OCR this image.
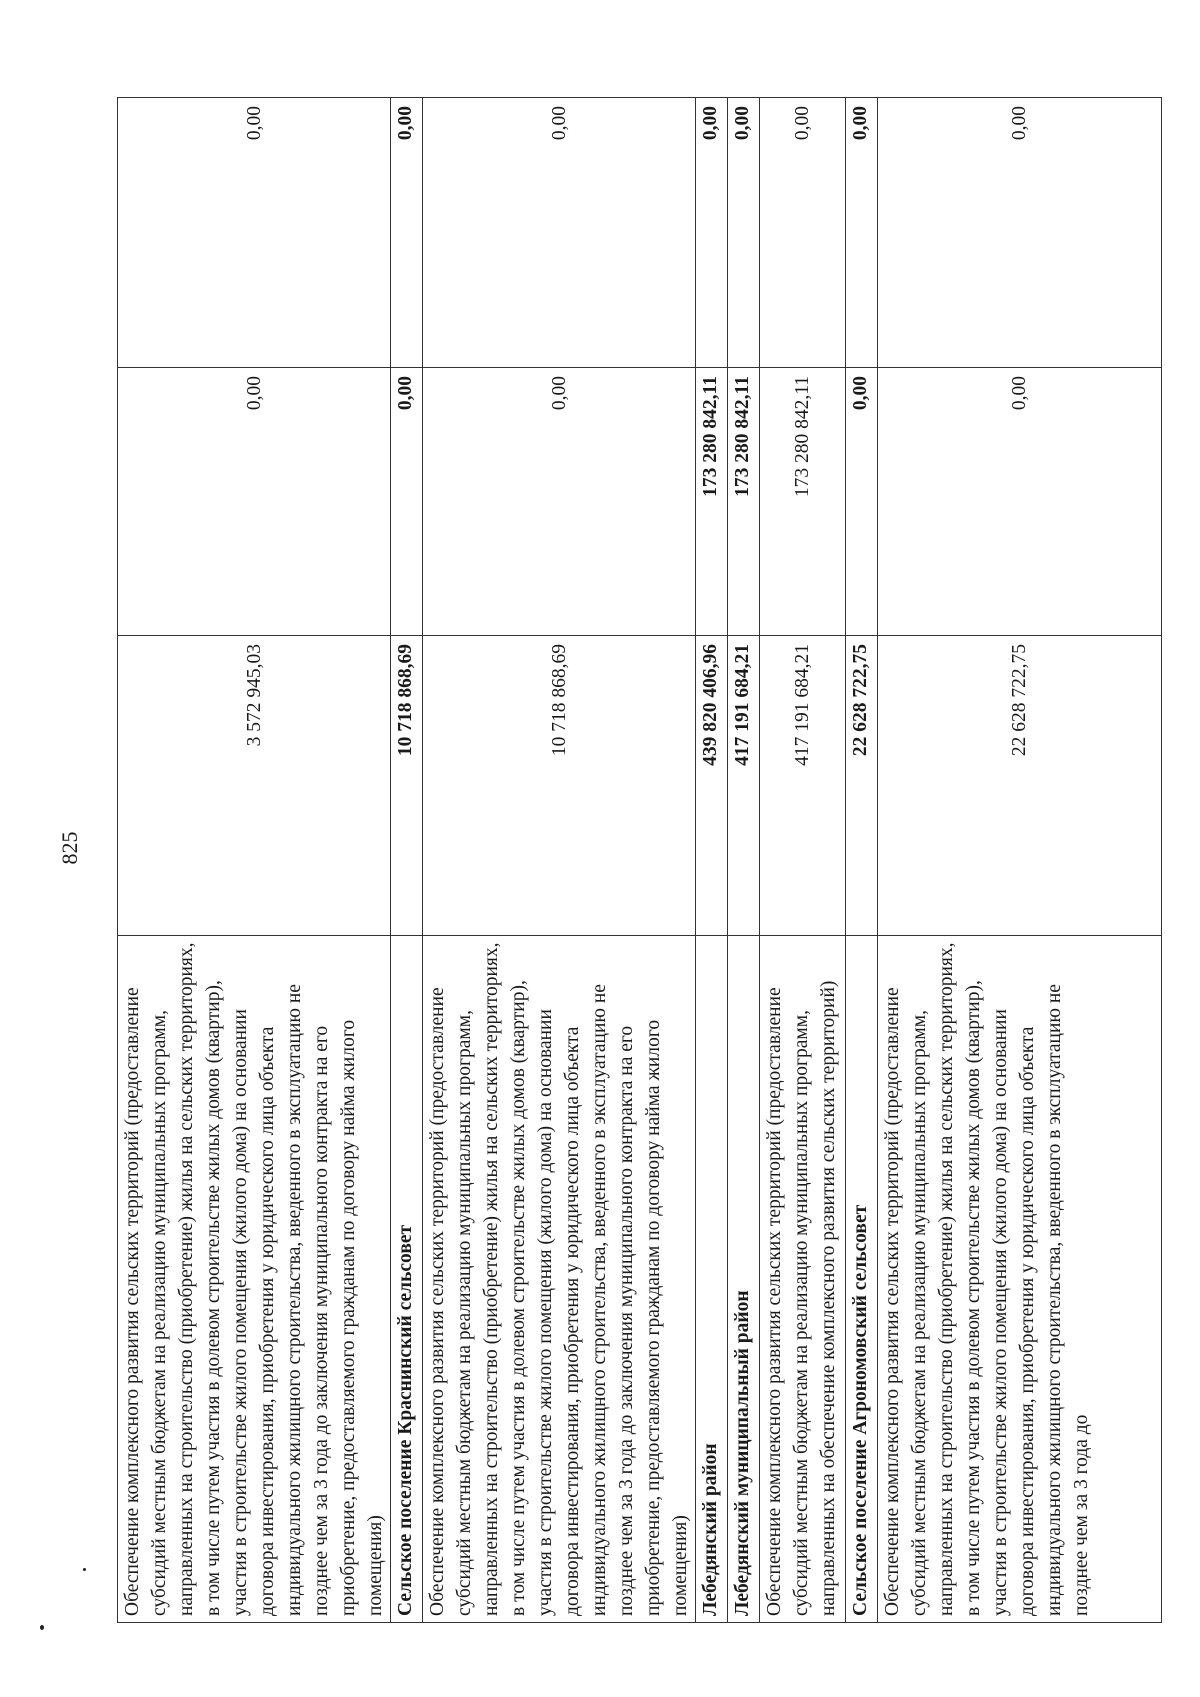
825
Обеспечение комплексного развития сельских территорий (предоставление субсидий местным бюджетам на реализацию муниципальных программ, направленных на строительство (приобретение) жилья на сельских территориях, в том числе путем участия в долевом строительстве жилых домов (квартир), участия в строительстве жилого помещения (жилого дома) на основании договора инвестирования, приобретения у юридического лица объекта индивидуального жилищного строительства, введенного в эксплуатацию не позднее чем за 3 года до заключения муниципального контракта на его приобретение, предоставляемого гражданам по договору найма жилого помещения)	3 572 945,03	0,00	0,00
Сельское поселение Краснинский сельсовет	10 718 868,69	0,00	0,00
Обеспечение комплексного развития сельских территорий (предоставление субсидий местным бюджетам на реализацию муниципальных программ, направленных на строительство (приобретение) жилья на сельских территориях, в том числе путем участия в долевом строительстве жилых домов (квартир), участия в строительстве жилого помещения (жилого дома) на основании договора инвестирования, приобретения у юридического лица объекта индивидуального жилищного строительства, введенного в эксплуатацию не позднее чем за 3 года до заключения муниципального контракта на его приобретение, предоставляемого гражданам по договору найма жилого помещения)	10 718 868,69	0,00	0,00
Лебедянский район	439 820 406,96	173 280 842,11	0,00
Лебедянский муниципальный район	417 191 684,21	173 280 842,11	0,00
Обеспечение комплексного развития сельских территорий (предоставление субсидий местным бюджетам на реализацию муниципальных программ, направленных на обеспечение комплексного развития сельских территорий)	417 191 684,21	173 280 842,11	0,00
Сельское поселение Агрономовский сельсовет	22 628 722,75	0,00	0,00
Обеспечение комплексного развития сельских территорий (предоставление субсидий местным бюджетам на реализацию муниципальных программ, направленных на строительство (приобретение) жилья на сельских территориях, в том числе путем участия в долевом строительстве жилых домов (квартир), участия в строительстве жилого помещения (жилого дома) на основании договора инвестирования, приобретения у юридического лица объекта индивидуального жилищного строительства, введенного в эксплуатацию не позднее чем за 3 года до	22 628 722,75	0,00	0,00
